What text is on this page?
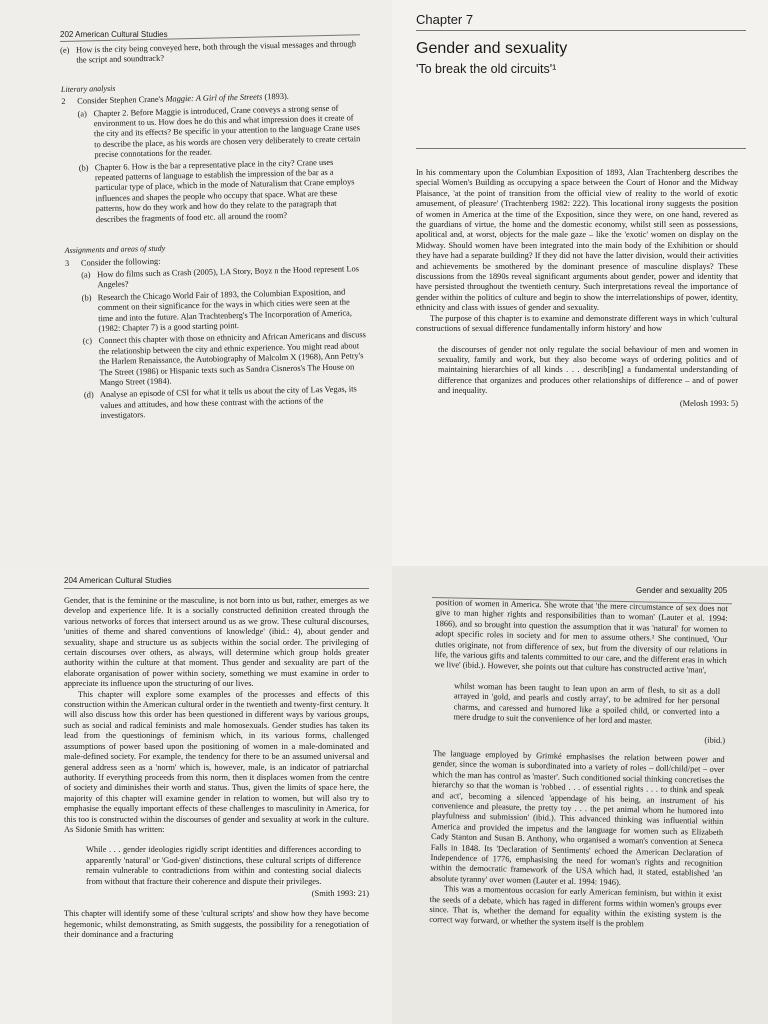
202 American Cultural Studies
(e) How is the city being conveyed here, both through the visual messages and through the script and soundtrack?

Literary analysis

2	Consider Stephen Crane's Maggie: A Girl of the Streets (1893).
(a) Chapter 2. Before Maggie is introduced, Crane conveys a strong sense of environment to us. How does he do this and what impression does it create of the city and its effects? Be specific in your attention to the language Crane uses to describe the place, as his words are chosen very deliberately to create certain precise connotations for the reader.
(b) Chapter 6. How is the bar a representative place in the city? Crane uses repeated patterns of language to establish the impression of the bar as a particular type of place, which in the mode of Naturalism that Crane employs influences and shapes the people who occupy that space. What are these patterns, how do they work and how do they relate to the paragraph that describes the fragments of food etc. all around the room?

Assignments and areas of study

3	Consider the following:
(a) How do films such as Crash (2005), LA Story, Boyz n the Hood represent Los Angeles?
(b) Research the Chicago World Fair of 1893, the Columbian Exposition, and comment on their significance for the ways in which cities were seen at the time and into the future. Alan Trachtenberg's The Incorporation of America, (1982: Chapter 7) is a good starting point.
(c) Connect this chapter with those on ethnicity and African Americans and discuss the relationship between the city and ethnic experience. You might read about the Harlem Renaissance, the Autobiography of Malcolm X (1968), Ann Petry's The Street (1986) or Hispanic texts such as Sandra Cisneros's The House on Mango Street (1984).
(d) Analyse an episode of CSI for what it tells us about the city of Las Vegas, its values and attitudes, and how these contrast with the actions of the investigators.
Chapter 7
Gender and sexuality
'To break the old circuits'¹

In his commentary upon the Columbian Exposition of 1893, Alan Trachtenberg describes the special Women's Building as occupying a space between the Court of Honor and the Midway Plaisance, 'at the point of transition from the official view of reality to the world of exotic amusement, of pleasure' (Trachtenberg 1982: 222). This locational irony suggests the position of women in America at the time of the Exposition, since they were, on one hand, revered as the guardians of virtue, the home and the domestic economy, whilst still seen as possessions, apolitical and, at worst, objects for the male gaze – like the 'exotic' women on display on the Midway. Should women have been integrated into the main body of the Exhibition or should they have had a separate building? If they did not have the latter division, would their activities and achievements be smothered by the dominant presence of masculine displays? These discussions from the 1890s reveal significant arguments about gender, power and identity that have persisted throughout the twentieth century. Such interpretations reveal the importance of gender within the politics of culture and begin to show the interrelationships of power, identity, ethnicity and class with issues of gender and sexuality.

The purpose of this chapter is to examine and demonstrate different ways in which 'cultural constructions of sexual difference fundamentally inform history' and how

the discourses of gender not only regulate the social behaviour of men and women in sexuality, family and work, but they also become ways of ordering politics and of maintaining hierarchies of all kinds . . . describ[ing] a fundamental understanding of difference that organizes and produces other relationships of difference – and of power and inequality.

(Melosh 1993: 5)

204 American Cultural Studies

Gender, that is the feminine or the masculine, is not born into us but, rather, emerges as we develop and experience life. It is a socially constructed definition created through the various networks of forces that intersect around us as we grow. These cultural discourses, 'unities of theme and shared conventions of knowledge' (ibid.: 4), about gender and sexuality, shape and structure us as subjects within the social order. The privileging of certain discourses over others, as always, will determine which group holds greater authority within the culture at that moment. Thus gender and sexuality are part of the elaborate organisation of power within society, something we must examine in order to appreciate its influence upon the structuring of our lives.

This chapter will explore some examples of the processes and effects of this construction within the American cultural order in the twentieth and twenty-first century. It will also discuss how this order has been questioned in different ways by various groups, such as social and radical feminists and male homosexuals. Gender studies has taken its lead from the questionings of feminism which, in its various forms, challenged assumptions of power based upon the positioning of women in a male-dominated and male-defined society. For example, the tendency for there to be an assumed universal and general address seen as a 'norm' which is, however, male, is an indicator of patriarchal authority. If everything proceeds from this norm, then it displaces women from the centre of society and diminishes their worth and status. Thus, given the limits of space here, the majority of this chapter will examine gender in relation to women, but will also try to emphasise the equally important effects of these challenges to masculinity in America, for this too is constructed within the discourses of gender and sexuality at work in the culture. As Sidonie Smith has written:

While . . . gender ideologies rigidly script identities and differences according to apparently 'natural' or 'God-given' distinctions, these cultural scripts of difference remain vulnerable to contradictions from within and contesting social dialects from without that fracture their coherence and dispute their privileges.

(Smith 1993: 21)

This chapter will identify some of these 'cultural scripts' and show how they have become hegemonic, whilst demonstrating, as Smith suggests, the possibility for a renegotiation of their dominance and a fracturing

Gender and sexuality 205

position of women in America. She wrote that 'the mere circumstance of sex does not give to man higher rights and responsibilities than to woman' (Lauter et al. 1994: 1866), and so brought into question the assumption that it was 'natural' for women to adopt specific roles in society and for men to assume others.² She continued, 'Our duties originate, not from difference of sex, but from the diversity of our relations in life, the various gifts and talents committed to our care, and the different eras in which we live' (ibid.). However, she points out that culture has constructed active 'man',

whilst woman has been taught to lean upon an arm of flesh, to sit as a doll arrayed in 'gold, and pearls and costly array', to be admired for her personal charms, and caressed and humored like a spoiled child, or converted into a mere drudge to suit the convenience of her lord and master.

(ibid.)

The language employed by Grimké emphasises the relation between power and gender, since the woman is subordinated into a variety of roles – doll/child/pet – over which the man has control as 'master'. Such conditioned social thinking concretises the hierarchy so that the woman is 'robbed . . . of essential rights . . . to think and speak and act', becoming a silenced 'appendage of his being, an instrument of his convenience and pleasure, the pretty toy . . . the pet animal whom he humored into playfulness and submission' (ibid.). This advanced thinking was influential within America and provided the impetus and the language for women such as Elizabeth Cady Stanton and Susan B. Anthony, who organised a woman's convention at Seneca Falls in 1848. Its 'Declaration of Sentiments' echoed the American Declaration of Independence of 1776, emphasising the need for woman's rights and recognition within the democratic framework of the USA which had, it stated, established 'an absolute tyranny' over women (Lauter et al. 1994: 1946).

This was a momentous occasion for early American feminism, but within it exist the seeds of a debate, which has raged in different forms within women's groups ever since. That is, whether the demand for equality within the existing system is the correct way forward, or whether the system itself is the problem
